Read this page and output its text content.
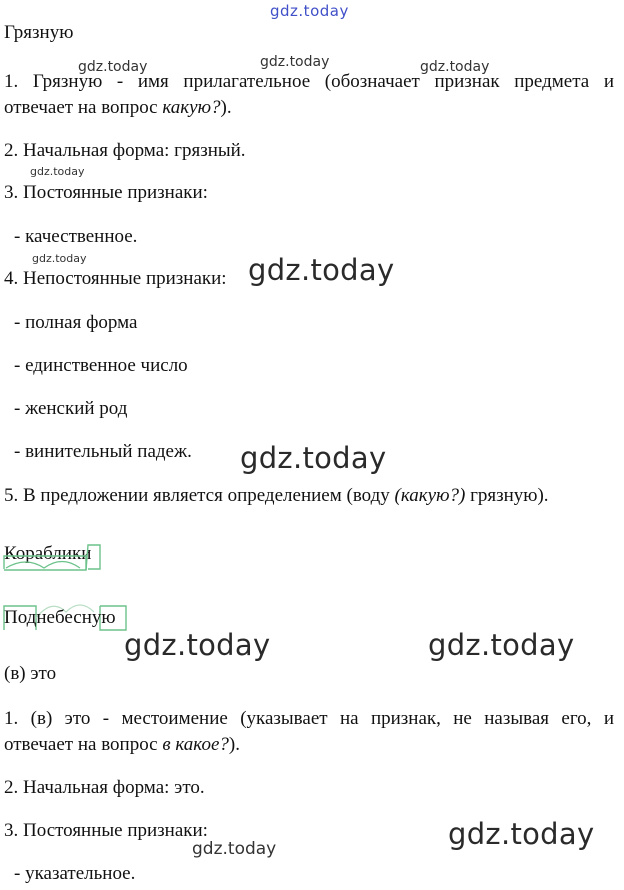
gdz.today
gdz.today	gdz.today	gdz.today
gdz.today
gdz.today	gdz.today
gdz.today
gdz.today	gdz.today
gdz.today
gdz.today
Грязную
1. Грязную - имя прилагательное (обозначает признак предмета и
отвечает на вопрос какую?).
2. Начальная форма: грязный.
3. Постоянные признаки:
- качественное.
4. Непостоянные признаки:
- полная форма
- единственное число
- женский род
- винительный падеж.
5. В предложении является определением (воду (какую?) грязную).
Кораблики
Поднебесную
(в) это
1. (в) это - местоимение (указывает на признак, не называя его, и
отвечает на вопрос в какое?).
2. Начальная форма: это.
3. Постоянные признаки:
- указательное.
